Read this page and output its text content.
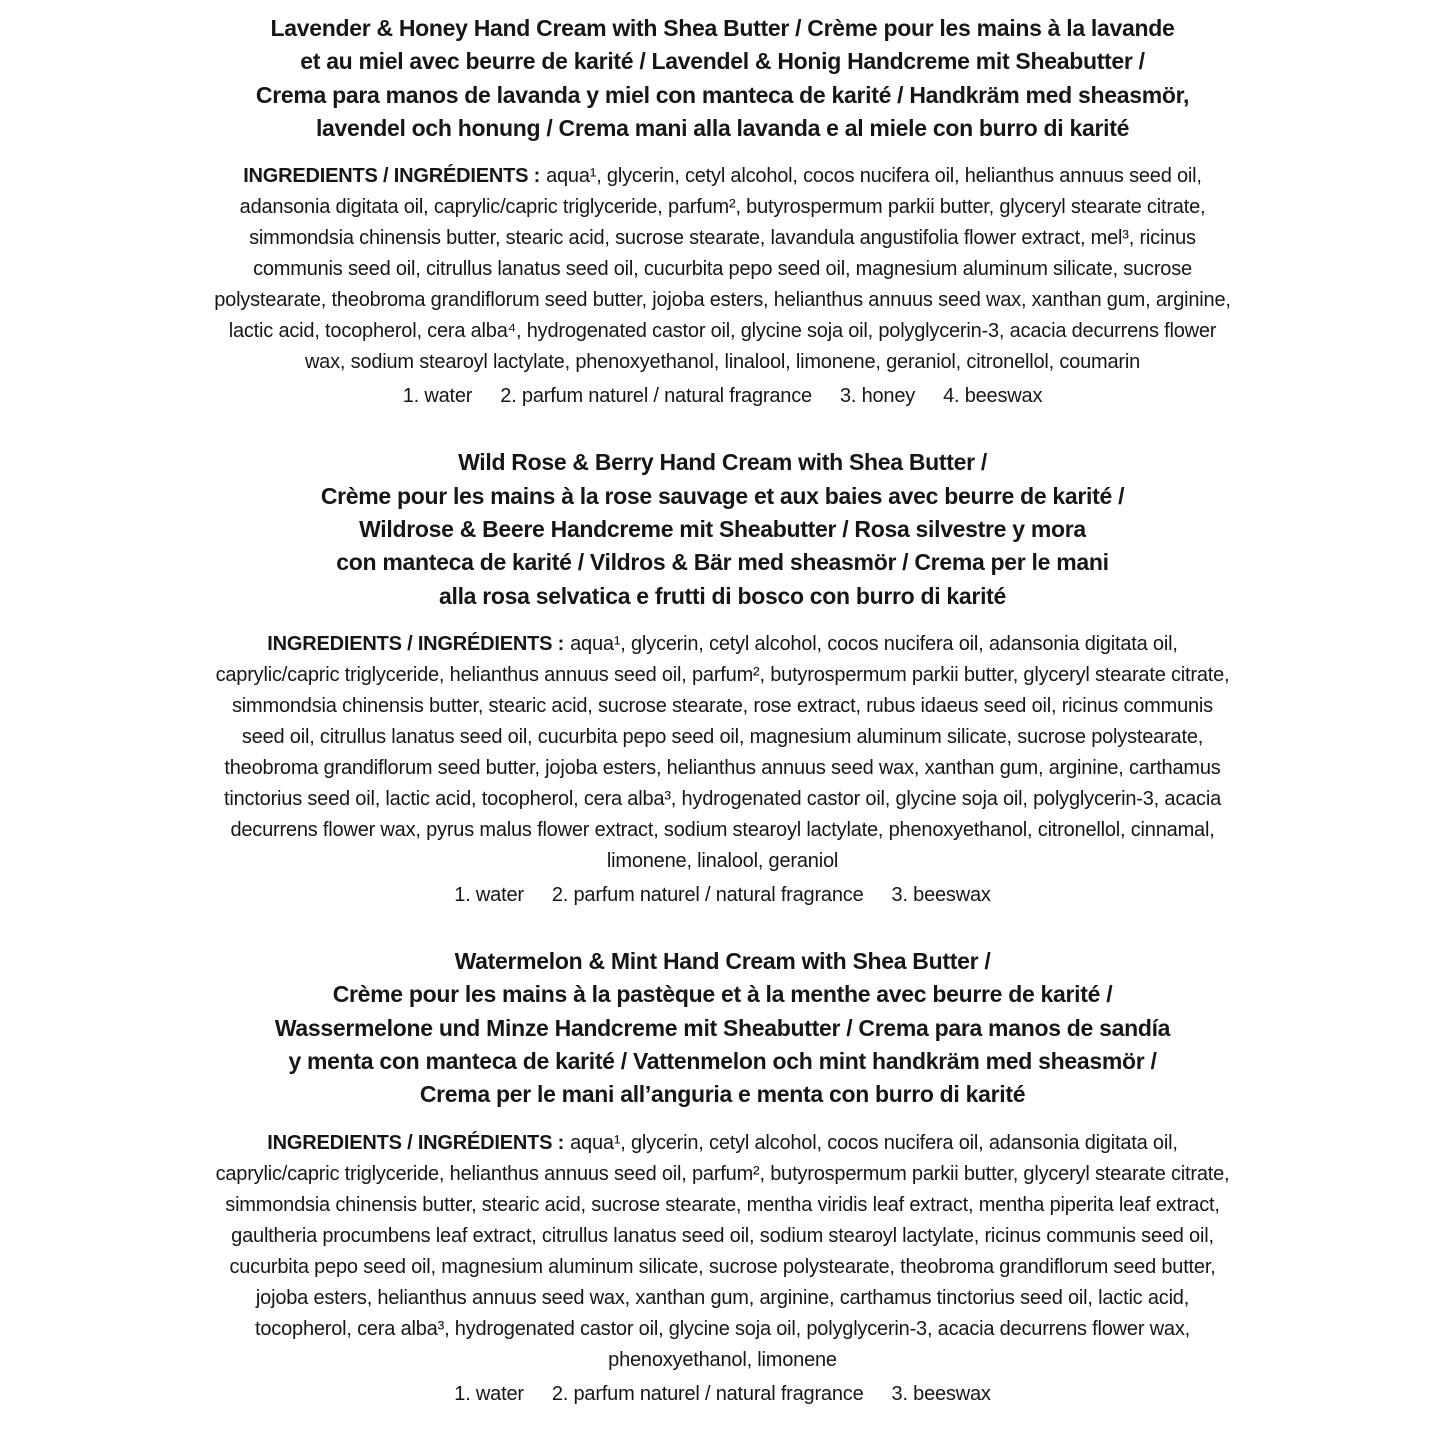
Lavender & Honey Hand Cream with Shea Butter / Crème pour les mains à la lavande
et au miel avec beurre de karité / Lavendel & Honig Handcreme mit Sheabutter /
Crema para manos de lavanda y miel con manteca de karité / Handkräm med sheasmör,
lavendel och honung / Crema mani alla lavanda e al miele con burro di karité

INGREDIENTS / INGRÉDIENTS : aqua¹, glycerin, cetyl alcohol, cocos nucifera oil, helianthus annuus seed oil, adansonia digitata oil, caprylic/capric triglyceride, parfum², butyrospermum parkii butter, glyceryl stearate citrate, simmondsia chinensis butter, stearic acid, sucrose stearate, lavandula angustifolia flower extract, mel³, ricinus communis seed oil, citrullus lanatus seed oil, cucurbita pepo seed oil, magnesium aluminum silicate, sucrose polystearate, theobroma grandiflorum seed butter, jojoba esters, helianthus annuus seed wax, xanthan gum, arginine, lactic acid, tocopherol, cera alba⁴, hydrogenated castor oil, glycine soja oil, polyglycerin-3, acacia decurrens flower wax, sodium stearoyl lactylate, phenoxyethanol, linalool, limonene, geraniol, citronellol, coumarin

1. water 2. parfum naturel / natural fragrance 3. honey 4. beeswax
Wild Rose & Berry Hand Cream with Shea Butter /
Crème pour les mains à la rose sauvage et aux baies avec beurre de karité /
Wildrose & Beere Handcreme mit Sheabutter / Rosa silvestre y mora
con manteca de karité / Vildros & Bär med sheasmör / Crema per le mani
alla rosa selvatica e frutti di bosco con burro di karité

INGREDIENTS / INGRÉDIENTS : aqua¹, glycerin, cetyl alcohol, cocos nucifera oil, adansonia digitata oil, caprylic/capric triglyceride, helianthus annuus seed oil, parfum², butyrospermum parkii butter, glyceryl stearate citrate, simmondsia chinensis butter, stearic acid, sucrose stearate, rose extract, rubus idaeus seed oil, ricinus communis seed oil, citrullus lanatus seed oil, cucurbita pepo seed oil, magnesium aluminum silicate, sucrose polystearate, theobroma grandiflorum seed butter, jojoba esters, helianthus annuus seed wax, xanthan gum, arginine, carthamus tinctorius seed oil, lactic acid, tocopherol, cera alba³, hydrogenated castor oil, glycine soja oil, polyglycerin-3, acacia decurrens flower wax, pyrus malus flower extract, sodium stearoyl lactylate, phenoxyethanol, citronellol, cinnamal, limonene, linalool, geraniol

1. water 2. parfum naturel / natural fragrance 3. beeswax
Watermelon & Mint Hand Cream with Shea Butter /
Crème pour les mains à la pastèque et à la menthe avec beurre de karité /
Wassermelone und Minze Handcreme mit Sheabutter / Crema para manos de sandía
y menta con manteca de karité / Vattenmelon och mint handkräm med sheasmör /
Crema per le mani all’anguria e menta con burro di karité

INGREDIENTS / INGRÉDIENTS : aqua¹, glycerin, cetyl alcohol, cocos nucifera oil, adansonia digitata oil, caprylic/capric triglyceride, helianthus annuus seed oil, parfum², butyrospermum parkii butter, glyceryl stearate citrate, simmondsia chinensis butter, stearic acid, sucrose stearate, mentha viridis leaf extract, mentha piperita leaf extract, gaultheria procumbens leaf extract, citrullus lanatus seed oil, sodium stearoyl lactylate, ricinus communis seed oil, cucurbita pepo seed oil, magnesium aluminum silicate, sucrose polystearate, theobroma grandiflorum seed butter, jojoba esters, helianthus annuus seed wax, xanthan gum, arginine, carthamus tinctorius seed oil, lactic acid, tocopherol, cera alba³, hydrogenated castor oil, glycine soja oil, polyglycerin-3, acacia decurrens flower wax, phenoxyethanol, limonene

1. water 2. parfum naturel / natural fragrance 3. beeswax
